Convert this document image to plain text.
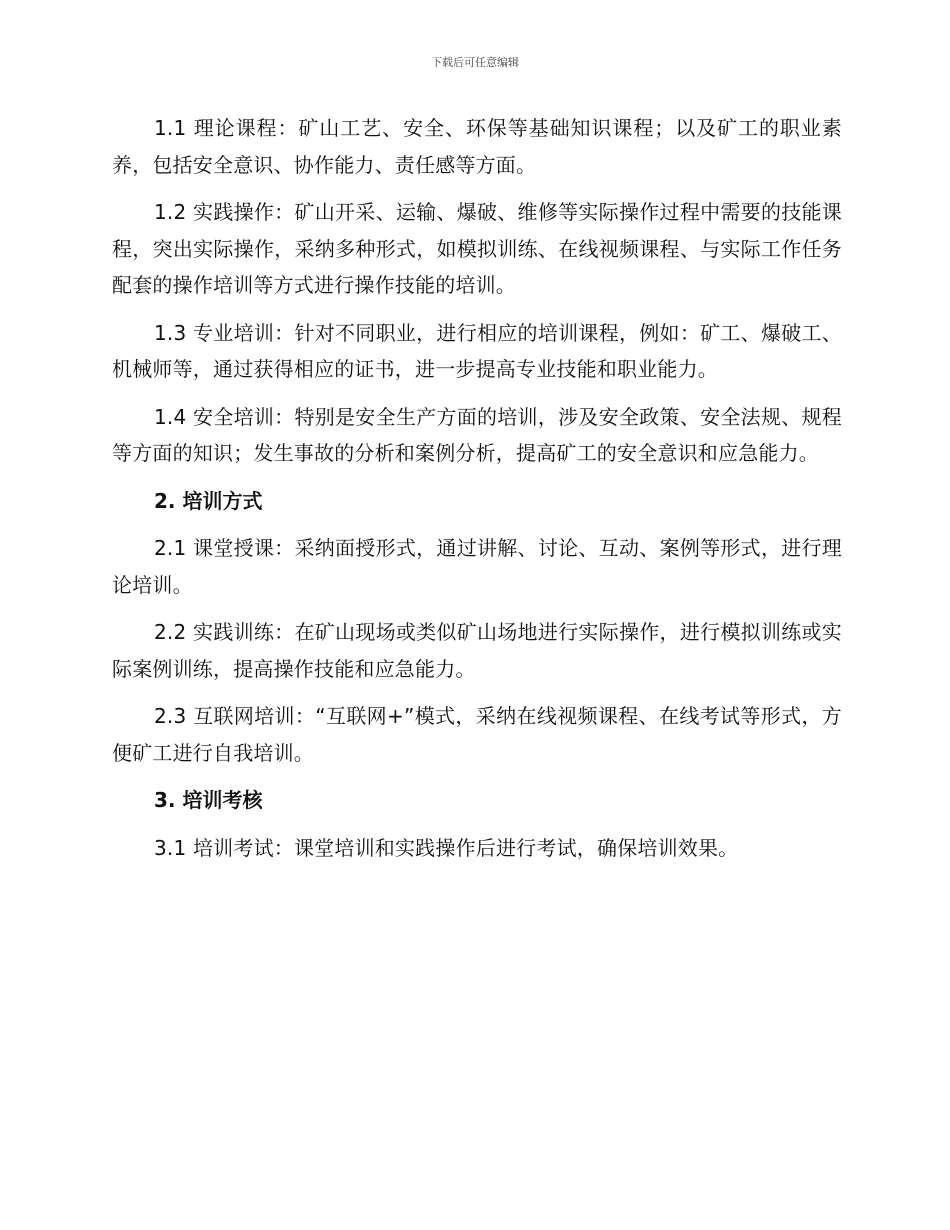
下载后可任意编辑

1.1 理论课程：矿山工艺、安全、环保等基础知识课程；以及矿工的职业素养，包括安全意识、协作能力、责任感等方面。

1.2 实践操作：矿山开采、运输、爆破、维修等实际操作过程中需要的技能课程，突出实际操作，采纳多种形式，如模拟训练、在线视频课程、与实际工作任务配套的操作培训等方式进行操作技能的培训。

1.3 专业培训：针对不同职业，进行相应的培训课程，例如：矿工、爆破工、机械师等，通过获得相应的证书，进一步提高专业技能和职业能力。

1.4 安全培训：特别是安全生产方面的培训，涉及安全政策、安全法规、规程等方面的知识；发生事故的分析和案例分析，提高矿工的安全意识和应急能力。

2. 培训方式

2.1 课堂授课：采纳面授形式，通过讲解、讨论、互动、案例等形式，进行理论培训。

2.2 实践训练：在矿山现场或类似矿山场地进行实际操作，进行模拟训练或实际案例训练，提高操作技能和应急能力。

2.3 互联网培训：“互联网+”模式，采纳在线视频课程、在线考试等形式，方便矿工进行自我培训。

3. 培训考核

3.1 培训考试：课堂培训和实践操作后进行考试，确保培训效果。
